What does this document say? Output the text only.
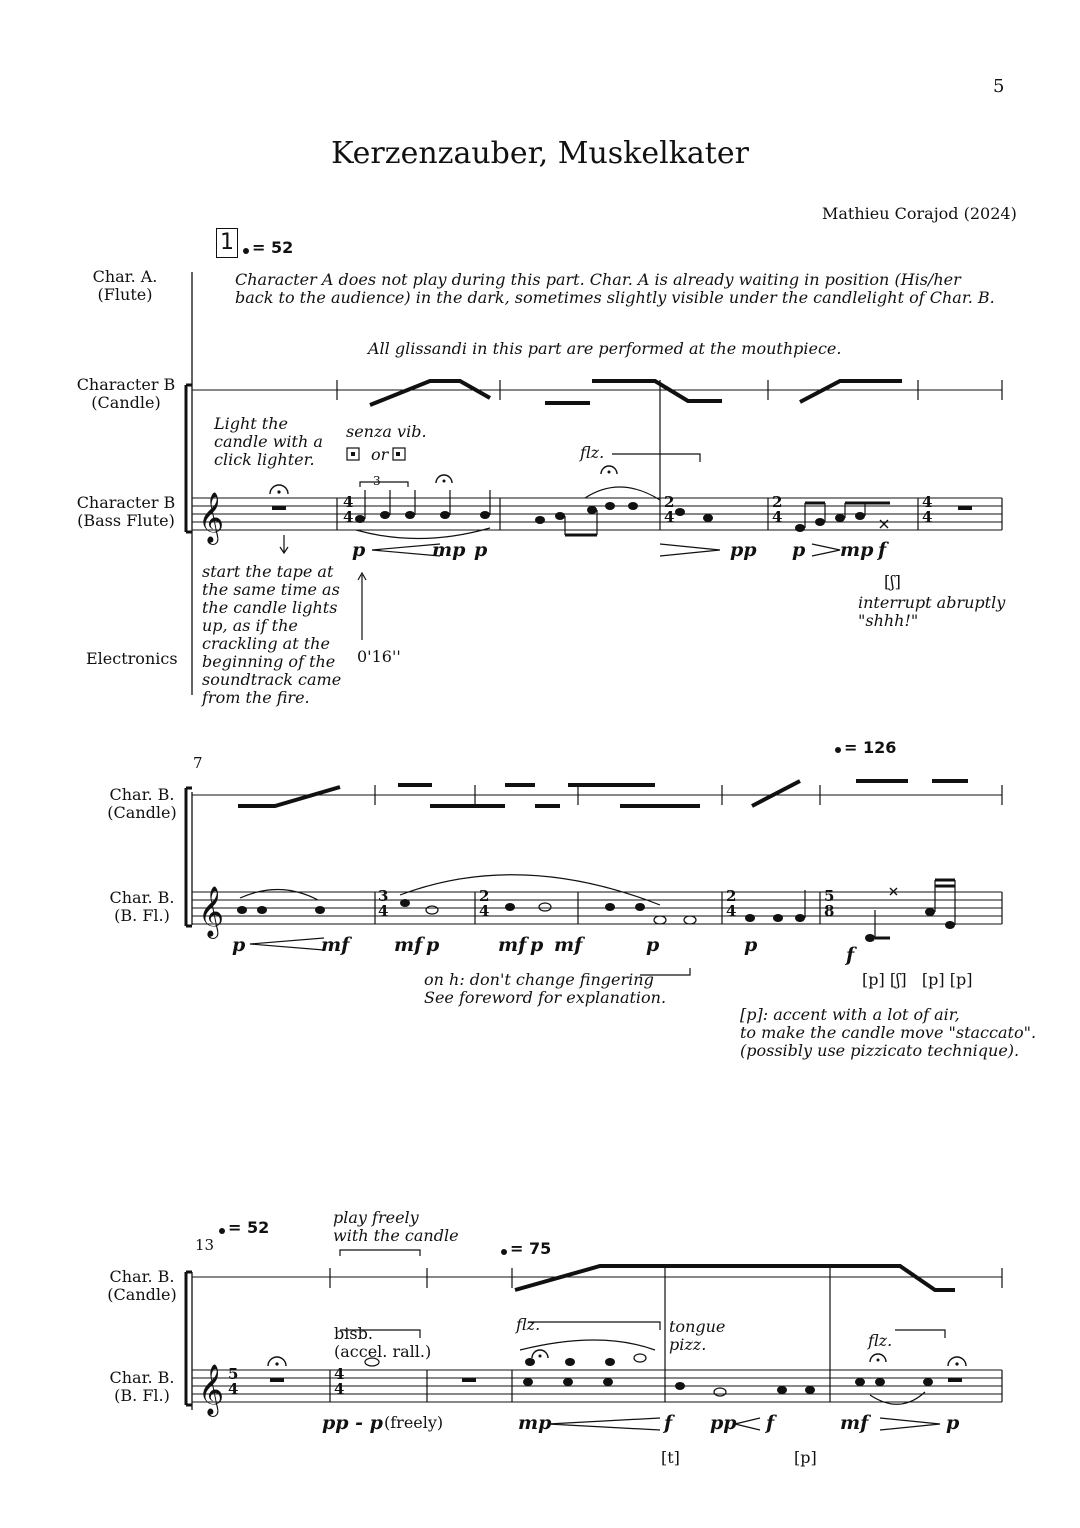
𝄞
𝄞
𝄞
5
Kerzenzauber, Muskelkater
Mathieu Corajod (2024)
1 = 52
Char. A.
(Flute)
Character B
(Candle)
Character B
(Bass Flute)
Electronics
Character A does not play during this part. Char. A is already waiting in position (His/her
back to the audience) in the dark, sometimes slightly visible under the candlelight of Char. B.
All glissandi in this part are performed at the mouthpiece.
Light the
candle with a
click lighter.
senza vib.
or	flz.
3
p	mp p	pp p mp f
[ʃ]
interrupt abruptly
"shhh!"
start the tape at
the same time as
the candle lights
up, as if the
crackling at the
beginning of the
soundtrack came
from the fire.
0'16''
4
4
2
4
2
4
4
4
7
= 126
Char. B.
(Candle)
Char. B.
(B. Fl.)
p	mf mf p	mf p mf	p	p	f
[p] [ʃ]   [p] [p]
on h: don't change fingering
See foreword for explanation.
[p]: accent with a lot of air,
to make the candle move "staccato".
(possibly use pizzicato technique).
3
4
2
4
2
4
5
8
= 52
13
play freely
with the candle
= 75
Char. B.
(Candle)
Char. B.
(B. Fl.)
bisb.
(accel. rall.)
flz.	tongue
pizz.	flz.
pp - p (freely)	mp	f pp f	mf	p
[t]	[p]
5
4
4
4
